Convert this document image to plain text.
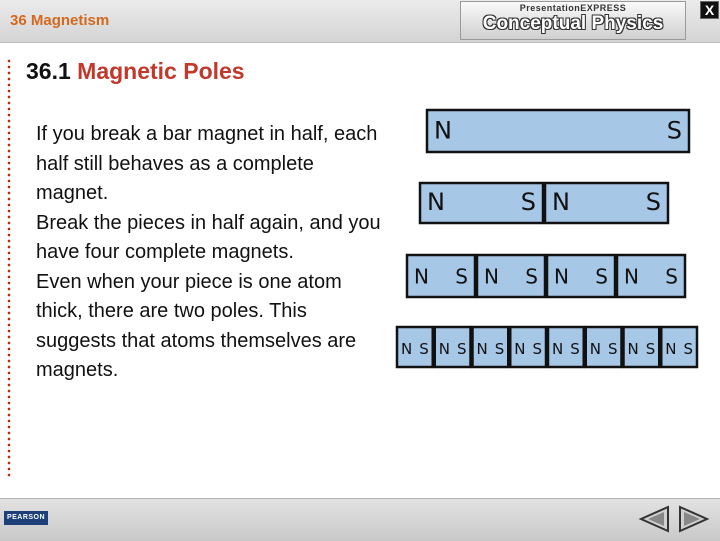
36 Magnetism
PresentationEXPRESS
Conceptual Physics
X
36.1 Magnetic Poles
If you break a bar magnet in half, each half still behaves as a complete magnet.
Break the pieces in half again, and you have four complete magnets.
Even when your piece is one atom thick, there are two poles. This suggests that atoms themselves are magnets.
N	S
N	S N	S
N S N S N S N S
N S N S N S N S N S N S N S N S
PEARSON
